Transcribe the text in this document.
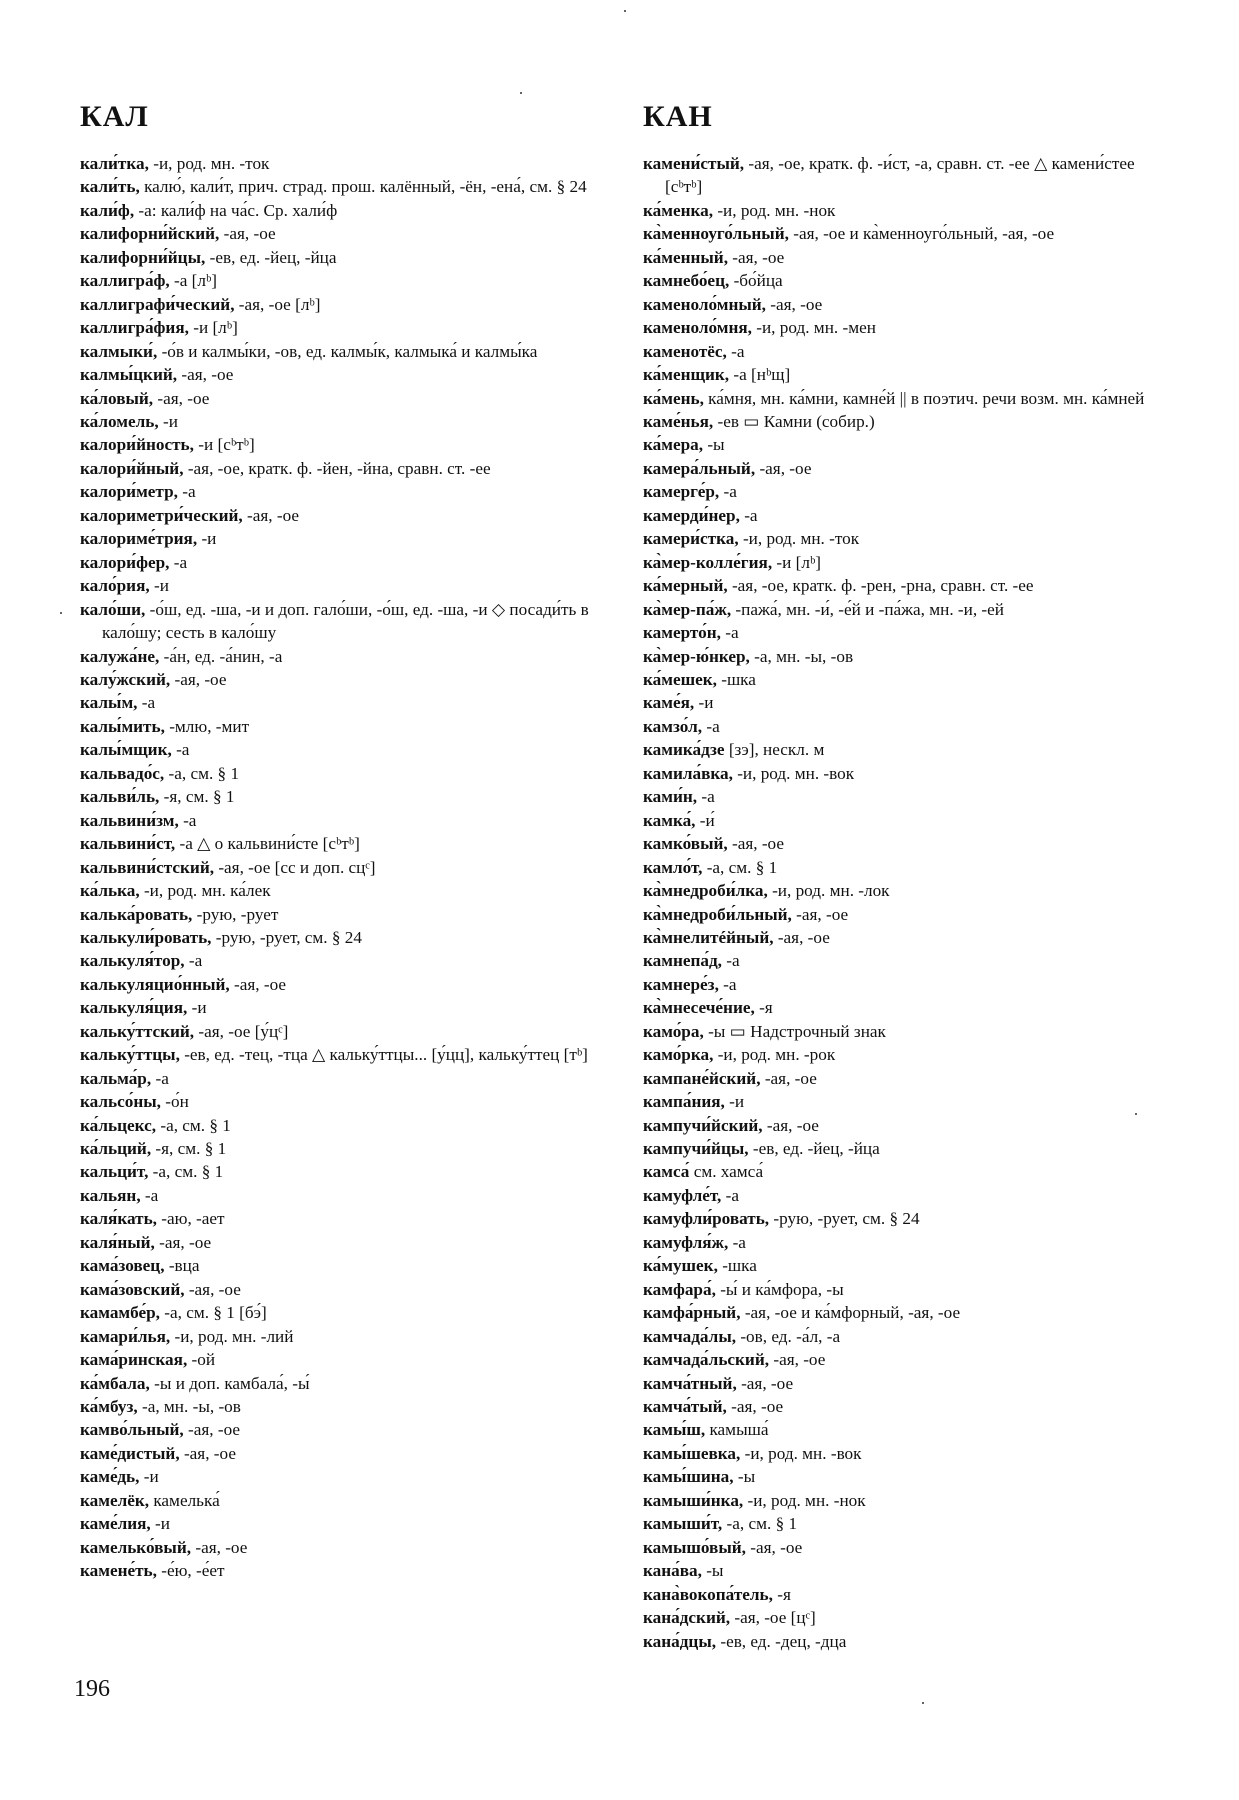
КАЛ	КАН

кали́тка, -и, род. мн. -ток

кали́ть, калю́, кали́т, прич. страд. прош. калённый, -ён, -ена́, см. § 24

кали́ф, -а: кали́ф на ча́с. Ср. хали́ф

калифорни́йский, -ая, -ое

калифорни́йцы, -ев, ед. -йец, -йца

каллигра́ф, -а [лᵇ]

каллиграфи́ческий, -ая, -ое [лᵇ]

каллигра́фия, -и [лᵇ]

калмыки́, -о́в и калмы́ки, -ов, ед. калмы́к, калмыка́ и калмы́ка

калмы́цкий, -ая, -ое

ка́ловый, -ая, -ое

ка́ломель, -и

калори́йность, -и [сᵇтᵇ]

калори́йный, -ая, -ое, кратк. ф. -йен, -йна, сравн. ст. -ее

калори́метр, -а

калориметри́ческий, -ая, -ое

калориме́трия, -и

калори́фер, -а

кало́рия, -и

кало́ши, -о́ш, ед. -ша, -и и доп. гало́ши, -о́ш, ед. -ша, -и ◇ посади́ть в кало́шу; сесть в кало́шу

калужа́не, -а́н, ед. -а́нин, -а

калу́жский, -ая, -ое

калы́м, -а

калы́мить, -млю, -мит

калы́мщик, -а

кальвадо́с, -а, см. § 1

кальви́ль, -я, см. § 1

кальвини́зм, -а

кальвини́ст, -а △ о кальвини́сте [сᵇтᵇ]

кальвини́стский, -ая, -ое [сс и доп. сцᶜ]

ка́лька, -и, род. мн. ка́лек

калька́ровать, -рую, -рует

калькули́ровать, -рую, -рует, см. § 24

калькуля́тор, -а

калькуляцио́нный, -ая, -ое

калькуля́ция, -и

кальку́ттский, -ая, -ое [у́цᶜ]

кальку́ттцы, -ев, ед. -тец, -тца △ кальку́ттцы... [у́цц], кальку́ттец [тᵇ]

кальма́р, -а

кальсо́ны, -о́н

ка́льцекс, -а, см. § 1

ка́льций, -я, см. § 1

кальци́т, -а, см. § 1

кальян, -а

каля́кать, -аю, -ает

каля́ный, -ая, -ое

кама́зовец, -вца

кама́зовский, -ая, -ое

камамбе́р, -а, см. § 1 [бэ́]

камари́лья, -и, род. мн. -лий

кама́ринская, -ой

ка́мбала, -ы и доп. камбала́, -ы́

ка́мбуз, -а, мн. -ы, -ов

камво́льный, -ая, -ое

каме́дистый, -ая, -ое

каме́дь, -и

камелёк, камелька́

каме́лия, -и

камелько́вый, -ая, -ое

камене́ть, -е́ю, -е́ет

камени́стый, -ая, -ое, кратк. ф. -и́ст, -а, сравн. ст. -ее △ камени́стее [сᵇтᵇ]

ка́менка, -и, род. мн. -нок

ка̀менноуго́льный, -ая, -ое и ка̀менноуго́льный, -ая, -ое

ка́менный, -ая, -ое

камнебо́ец, -бо́йца

каменоло́мный, -ая, -ое

каменоло́мня, -и, род. мн. -мен

каменотёс, -а

ка́менщик, -а [нᵇщ]

ка́мень, ка́мня, мн. ка́мни, камне́й || в поэтич. речи возм. мн. ка́мней

каме́нья, -ев ▭ Камни (собир.)

ка́мера, -ы

камера́льный, -ая, -ое

камерге́р, -а

камерди́нер, -а

камери́стка, -и, род. мн. -ток

ка̀мер-колле́гия, -и [лᵇ]

ка́мерный, -ая, -ое, кратк. ф. -рен, -рна, сравн. ст. -ее

ка̀мер-па́ж, -пажа́, мн. -и́, -е́й и -па́жа, мн. -и, -ей

камерто́н, -а

ка̀мер-ю́нкер, -а, мн. -ы, -ов

ка́мешек, -шка

каме́я, -и

камзо́л, -а

камика́дзе [зэ], нескл. м

камила́вка, -и, род. мн. -вок

ками́н, -а

камка́, -и́

камко́вый, -ая, -ое

камло́т, -а, см. § 1

ка̀мнедроби́лка, -и, род. мн. -лок

ка̀мнедроби́льный, -ая, -ое

ка̀мнелитéйный, -ая, -ое

камнепа́д, -а

камнере́з, -а

ка̀мнесече́ние, -я

камо́ра, -ы ▭ Надстрочный знак

камо́рка, -и, род. мн. -рок

кампане́йский, -ая, -ое

кампа́ния, -и

кампучи́йский, -ая, -ое

кампучи́йцы, -ев, ед. -йец, -йца

камса́ см. хамса́

камуфле́т, -а

камуфли́ровать, -рую, -рует, см. § 24

камуфля́ж, -а

ка́мушек, -шка

камфара́, -ы́ и ка́мфора, -ы

камфа́рный, -ая, -ое и ка́мфорный, -ая, -ое

камчада́лы, -ов, ед. -а́л, -а

камчада́льский, -ая, -ое

камча́тный, -ая, -ое

камча́тый, -ая, -ое

камы́ш, камыша́

камы́шевка, -и, род. мн. -вок

камы́шина, -ы

камыши́нка, -и, род. мн. -нок

камыши́т, -а, см. § 1

камышо́вый, -ая, -ое

кана́ва, -ы

кана̀вокопа́тель, -я

кана́дский, -ая, -ое [цᶜ]

кана́дцы, -ев, ед. -дец, -дца

196
